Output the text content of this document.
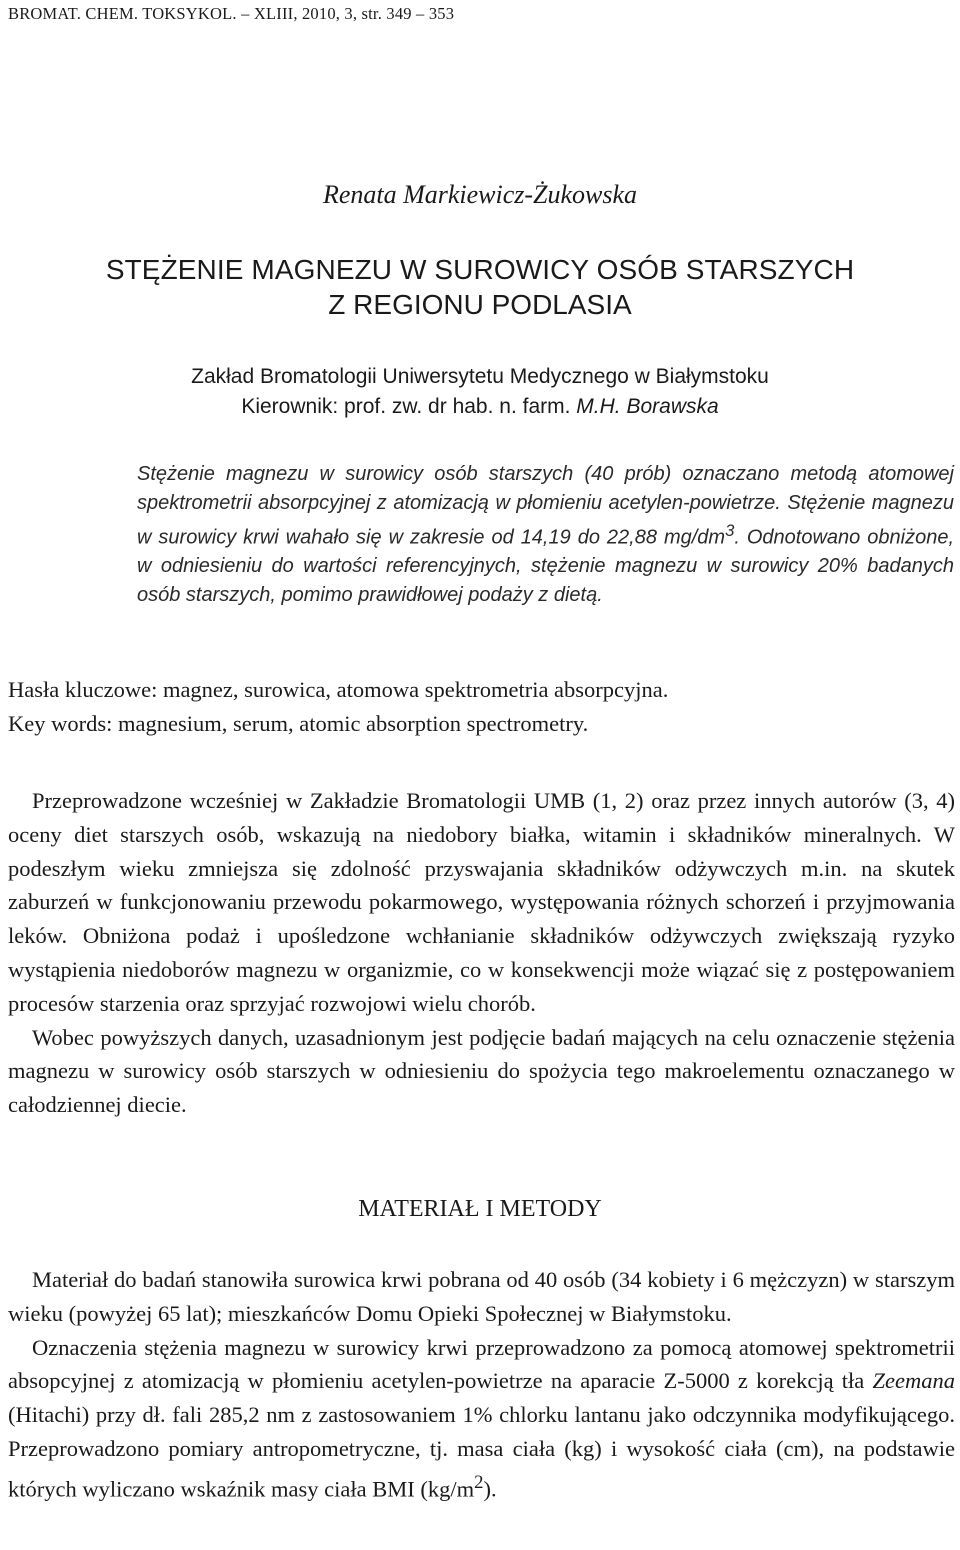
BROMAT. CHEM. TOKSYKOL. – XLIII, 2010, 3, str. 349 – 353
Renata Markiewicz-Żukowska
STĘŻENIE MAGNEZU W SUROWICY OSÓB STARSZYCH
Z REGIONU PODLASIA
Zakład Bromatologii Uniwersytetu Medycznego w Białymstoku
Kierownik: prof. zw. dr hab. n. farm. M.H. Borawska

Stężenie magnezu w surowicy osób starszych (40 prób) oznaczano metodą atomowej spektrometrii absorpcyjnej z atomizacją w płomieniu acetylen-powietrze. Stężenie magnezu w surowicy krwi wahało się w zakresie od 14,19 do 22,88 $mg/dm^3$. Odnotowano obniżone, w odniesieniu do wartości referencyjnych, stężenie magnezu w surowicy 20% badanych osób starszych, pomimo prawidłowej podaży z dietą.

Hasła kluczowe: magnez, surowica, atomowa spektrometria absorpcyjna.
Key words: magnesium, serum, atomic absorption spectrometry.

Przeprowadzone wcześniej w Zakładzie Bromatologii UMB (1, 2) oraz przez innych autorów (3, 4) oceny diet starszych osób, wskazują na niedobory białka, witamin i składników mineralnych. W podeszłym wieku zmniejsza się zdolność przyswajania składników odżywczych m.in. na skutek zaburzeń w funkcjonowaniu przewodu pokarmowego, występowania różnych schorzeń i przyjmowania leków. Obniżona podaż i upośledzone wchłanianie składników odżywczych zwiększają ryzyko wystąpienia niedoborów magnezu w organizmie, co w konsekwencji może wiązać się z postępowaniem procesów starzenia oraz sprzyjać rozwojowi wielu chorób.

Wobec powyższych danych, uzasadnionym jest podjęcie badań mających na celu oznaczenie stężenia magnezu w surowicy osób starszych w odniesieniu do spożycia tego makroelementu oznaczanego w całodziennej diecie.

MATERIAŁ I METODY

Materiał do badań stanowiła surowica krwi pobrana od 40 osób (34 kobiety i 6 mężczyzn) w starszym wieku (powyżej 65 lat); mieszkańców Domu Opieki Społecznej w Białymstoku.

Oznaczenia stężenia magnezu w surowicy krwi przeprowadzono za pomocą atomowej spektrometrii absopcyjnej z atomizacją w płomieniu acetylen-powietrze na aparacie Z-5000 z korekcją tła Zeemana (Hitachi) przy dł. fali 285,2 nm z zastosowaniem 1% chlorku lantanu jako odczynnika modyfikującego. Przeprowadzono pomiary antropometryczne, tj. masa ciała (kg) i wysokość ciała (cm), na podstawie których wyliczano wskaźnik masy ciała BMI $(kg/m^2)$.
